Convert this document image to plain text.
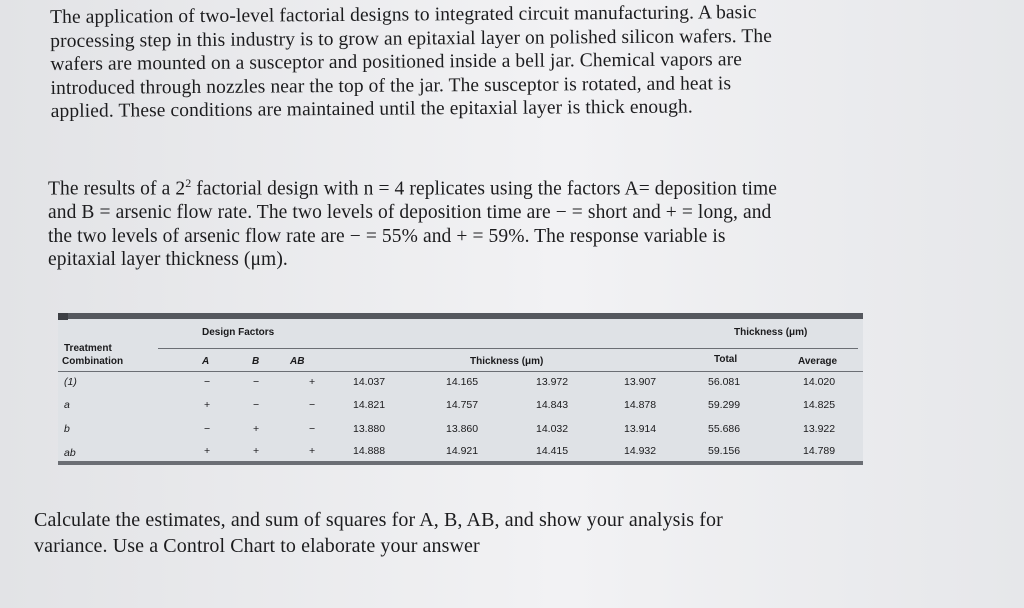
The application of two-level factorial designs to integrated circuit manufacturing. A basic
processing step in this industry is to grow an epitaxial layer on polished silicon wafers. The
wafers are mounted on a susceptor and positioned inside a bell jar. Chemical vapors are
introduced through nozzles near the top of the jar. The susceptor is rotated, and heat is
applied. These conditions are maintained until the epitaxial layer is thick enough.

The results of a $2^2$ factorial design with n = 4 replicates using the factors A= deposition time
and B = arsenic flow rate. The two levels of deposition time are − = short and + = long, and
the two levels of arsenic flow rate are − = 55% and + = 59%. The response variable is
epitaxial layer thickness (μm).

Treatment
Combination
Design Factors	Thickness (μm)
A	B	AB	Thickness (μm)	Total	Average
(1)	−	−	+	14.037	14.165	13.972	13.907	56.081	14.020
a	+	−	−	14.821	14.757	14.843	14.878	59.299	14.825
b	−	+	−	13.880	13.860	14.032	13.914	55.686	13.922
ab	+	+	+	14.888	14.921	14.415	14.932	59.156	14.789

Calculate the estimates, and sum of squares for A, B, AB, and show your analysis for
variance. Use a Control Chart to elaborate your answer
